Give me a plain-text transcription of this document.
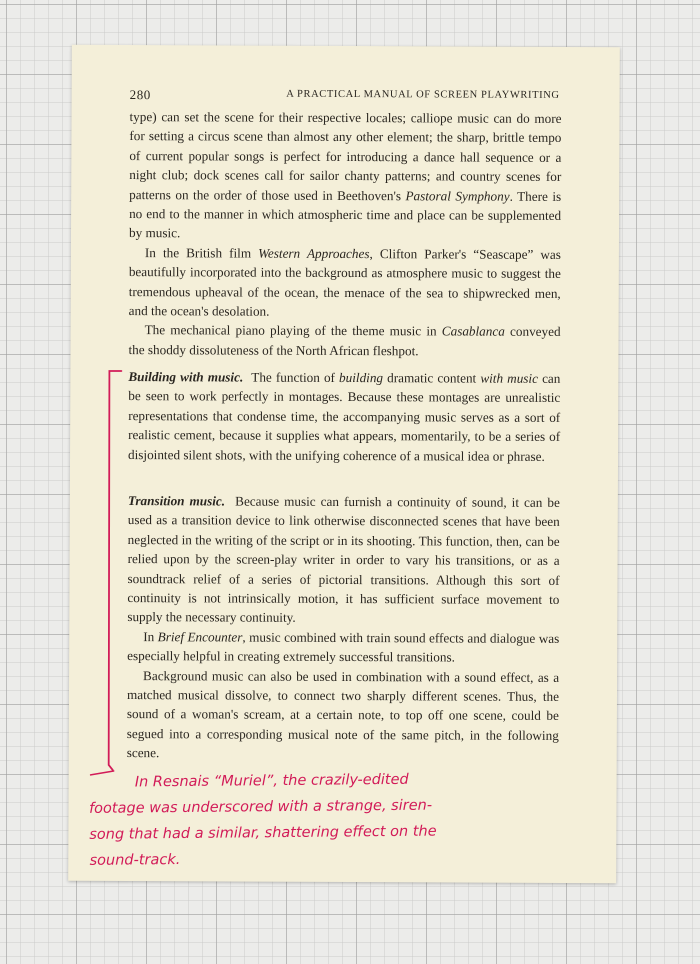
280	A PRACTICAL MANUAL OF SCREEN PLAYWRITING

type) can set the scene for their respective locales; calliope music can do more for setting a circus scene than almost any other element; the sharp, brittle tempo of current popular songs is perfect for introducing a dance hall sequence or a night club; dock scenes call for sailor chanty patterns; and country scenes for patterns on the order of those used in Beethoven's Pastoral Symphony. There is no end to the manner in which atmospheric time and place can be supplemented by music.

In the British film Western Approaches, Clifton Parker's “Seascape” was beautifully incorporated into the background as atmosphere music to suggest the tremendous upheaval of the ocean, the menace of the sea to shipwrecked men, and the ocean's desolation.

The mechanical piano playing of the theme music in Casablanca conveyed the shoddy dissoluteness of the North African fleshpot.

Building with music. The function of building dramatic content with music can be seen to work perfectly in montages. Because these montages are unrealistic representations that condense time, the accompanying music serves as a sort of realistic cement, because it supplies what appears, momentarily, to be a series of disjointed silent shots, with the unifying coherence of a musical idea or phrase.

Transition music. Because music can furnish a continuity of sound, it can be used as a transition device to link otherwise disconnected scenes that have been neglected in the writing of the script or in its shooting. This function, then, can be relied upon by the screen-play writer in order to vary his transitions, or as a soundtrack relief of a series of pictorial transitions. Although this sort of continuity is not intrinsically motion, it has sufficient surface movement to supply the necessary continuity.

In Brief Encounter, music combined with train sound effects and dialogue was especially helpful in creating extremely successful transitions.

Background music can also be used in combination with a sound effect, as a matched musical dissolve, to connect two sharply different scenes. Thus, the sound of a woman's scream, at a certain note, to top off one scene, could be segued into a corresponding musical note of the same pitch, in the following scene.

In Resnais “Muriel”, the crazily-edited
footage was underscored with a strange, siren-
song that had a similar, shattering effect on the
sound-track.
